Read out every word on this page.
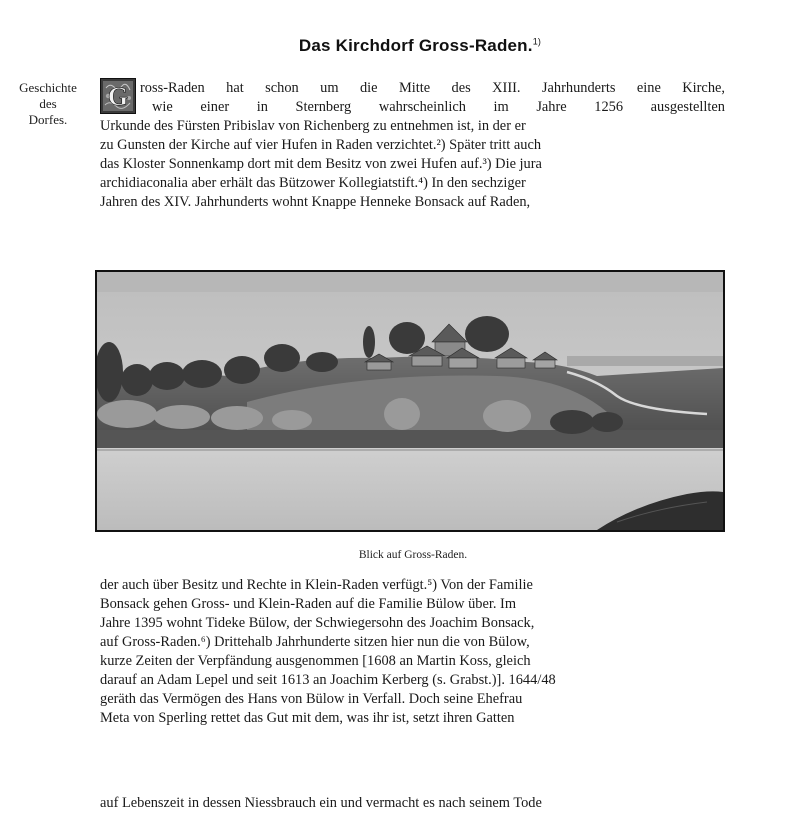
Das Kirchdorf Gross-Raden.$^{1)}$
Geschichte
des
Dorfes.
G ross-Raden hat schon um die Mitte des XIII. Jahrhunderts eine Kirche,
wie einer in Sternberg wahrscheinlich im Jahre 1256 ausgestellten
Urkunde des Fürsten Pribislav von Richenberg zu entnehmen ist, in der er
zu Gunsten der Kirche auf vier Hufen in Raden verzichtet.²) Später tritt auch
das Kloster Sonnenkamp dort mit dem Besitz von zwei Hufen auf.³) Die jura
archidiaconalia aber erhält das Bützower Kollegiatstift.⁴) In den sechziger
Jahren des XIV. Jahrhunderts wohnt Knappe Henneke Bonsack auf Raden,
Blick auf Gross-Raden.
der auch über Besitz und Rechte in Klein-Raden verfügt.⁵) Von der Familie
Bonsack gehen Gross- und Klein-Raden auf die Familie Bülow über. Im
Jahre 1395 wohnt Tideke Bülow, der Schwiegersohn des Joachim Bonsack,
auf Gross-Raden.⁶) Drittehalb Jahrhunderte sitzen hier nun die von Bülow,
kurze Zeiten der Verpfändung ausgenommen [1608 an Martin Koss, gleich
darauf an Adam Lepel und seit 1613 an Joachim Kerberg (s. Grabst.)]. 1644/48
geräth das Vermögen des Hans von Bülow in Verfall. Doch seine Ehefrau
Meta von Sperling rettet das Gut mit dem, was ihr ist, setzt ihren Gatten
auf Lebenszeit in dessen Niessbrauch ein und vermacht es nach seinem Tode
